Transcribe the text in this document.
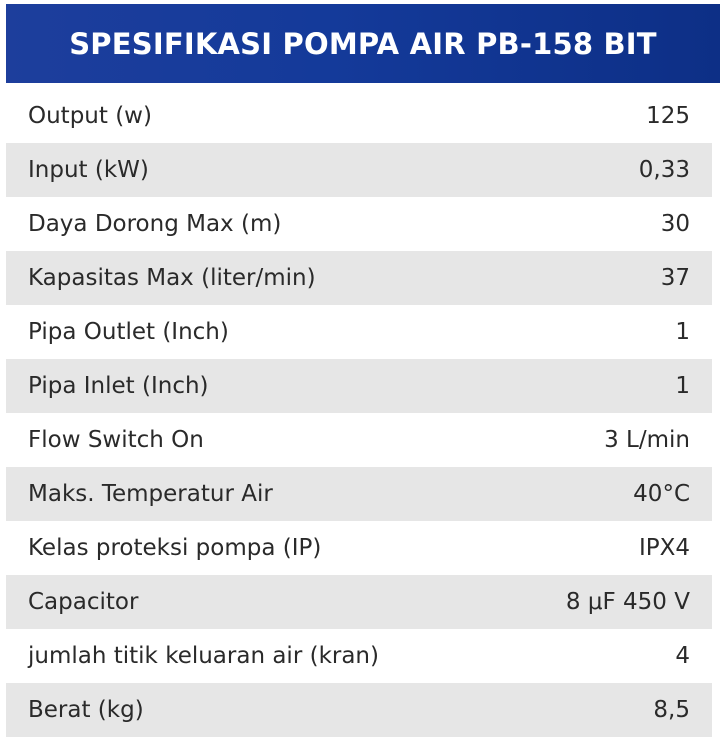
SPESIFIKASI POMPA AIR PB-158 BIT
Output (w)	125
Input (kW)	0,33
Daya Dorong Max (m)	30
Kapasitas Max (liter/min)	37
Pipa Outlet (Inch)	1
Pipa Inlet (Inch)	1
Flow Switch On	3 L/min
Maks. Temperatur Air	40°C
Kelas proteksi pompa (IP)	IPX4
Capacitor	8 μF 450 V
jumlah titik keluaran air (kran)	4
Berat (kg)	8,5
